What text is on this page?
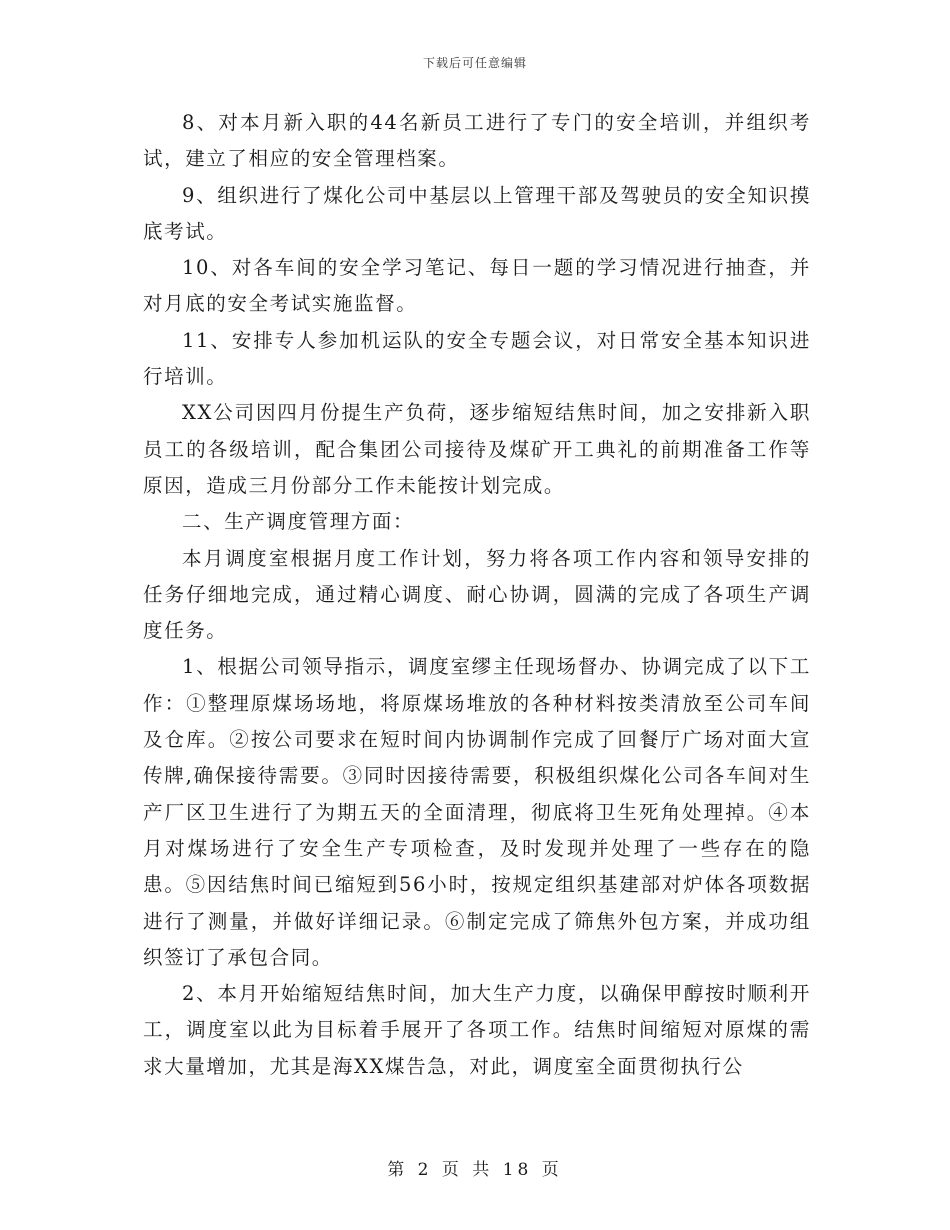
下载后可任意编辑

8、对本月新入职的44名新员工进行了专门的安全培训，并组织考试，建立了相应的安全管理档案。

9、组织进行了煤化公司中基层以上管理干部及驾驶员的安全知识摸底考试。

10、对各车间的安全学习笔记、每日一题的学习情况进行抽查，并对月底的安全考试实施监督。

11、安排专人参加机运队的安全专题会议，对日常安全基本知识进行培训。

XX公司因四月份提生产负荷，逐步缩短结焦时间，加之安排新入职员工的各级培训，配合集团公司接待及煤矿开工典礼的前期准备工作等原因，造成三月份部分工作未能按计划完成。

二、生产调度管理方面：

本月调度室根据月度工作计划，努力将各项工作内容和领导安排的任务仔细地完成，通过精心调度、耐心协调，圆满的完成了各项生产调度任务。

1、根据公司领导指示，调度室缪主任现场督办、协调完成了以下工作：①整理原煤场场地，将原煤场堆放的各种材料按类清放至公司车间及仓库。②按公司要求在短时间内协调制作完成了回餐厅广场对面大宣传牌,确保接待需要。③同时因接待需要，积极组织煤化公司各车间对生产厂区卫生进行了为期五天的全面清理，彻底将卫生死角处理掉。④本月对煤场进行了安全生产专项检查，及时发现并处理了一些存在的隐患。⑤因结焦时间已缩短到56小时，按规定组织基建部对炉体各项数据进行了测量，并做好详细记录。⑥制定完成了筛焦外包方案，并成功组织签订了承包合同。

2、本月开始缩短结焦时间，加大生产力度，以确保甲醇按时顺利开工，调度室以此为目标着手展开了各项工作。结焦时间缩短对原煤的需求大量增加，尤其是海XX煤告急，对此，调度室全面贯彻执行公

第 2 页 共 18 页
